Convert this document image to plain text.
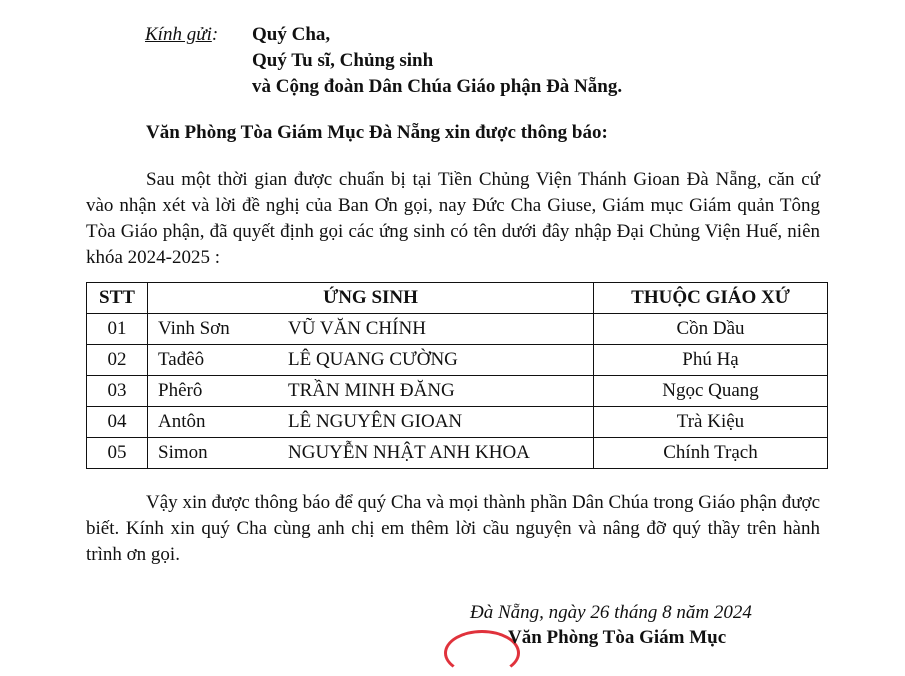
Kính gửi: Quý Cha,
Quý Tu sĩ, Chủng sinh
và Cộng đoàn Dân Chúa Giáo phận Đà Nẵng.
Văn Phòng Tòa Giám Mục Đà Nẵng xin được thông báo:
Sau một thời gian được chuẩn bị tại Tiền Chủng Viện Thánh Gioan Đà Nẵng, căn cứ vào nhận xét và lời đề nghị của Ban Ơn gọi, nay Đức Cha Giuse, Giám mục Giám quản Tông Tòa Giáo phận, đã quyết định gọi các ứng sinh có tên dưới đây nhập Đại Chủng Viện Huế, niên khóa 2024-2025 :
STT	ỨNG SINH	THUỘC GIÁO XỨ
01	Vinh Sơn VŨ VĂN CHÍNH	Cồn Dầu
02	Tađêô LÊ QUANG CƯỜNG	Phú Hạ
03	Phêrô TRẦN MINH ĐĂNG	Ngọc Quang
04	Antôn LÊ NGUYÊN GIOAN	Trà Kiệu
05	Simon NGUYỄN NHẬT ANH KHOA	Chính Trạch
Vậy xin được thông báo để quý Cha và mọi thành phần Dân Chúa trong Giáo phận được biết. Kính xin quý Cha cùng anh chị em thêm lời cầu nguyện và nâng đỡ quý thầy trên hành trình ơn gọi.
Đà Nẵng, ngày 26 tháng 8 năm 2024
Văn Phòng Tòa Giám Mục
